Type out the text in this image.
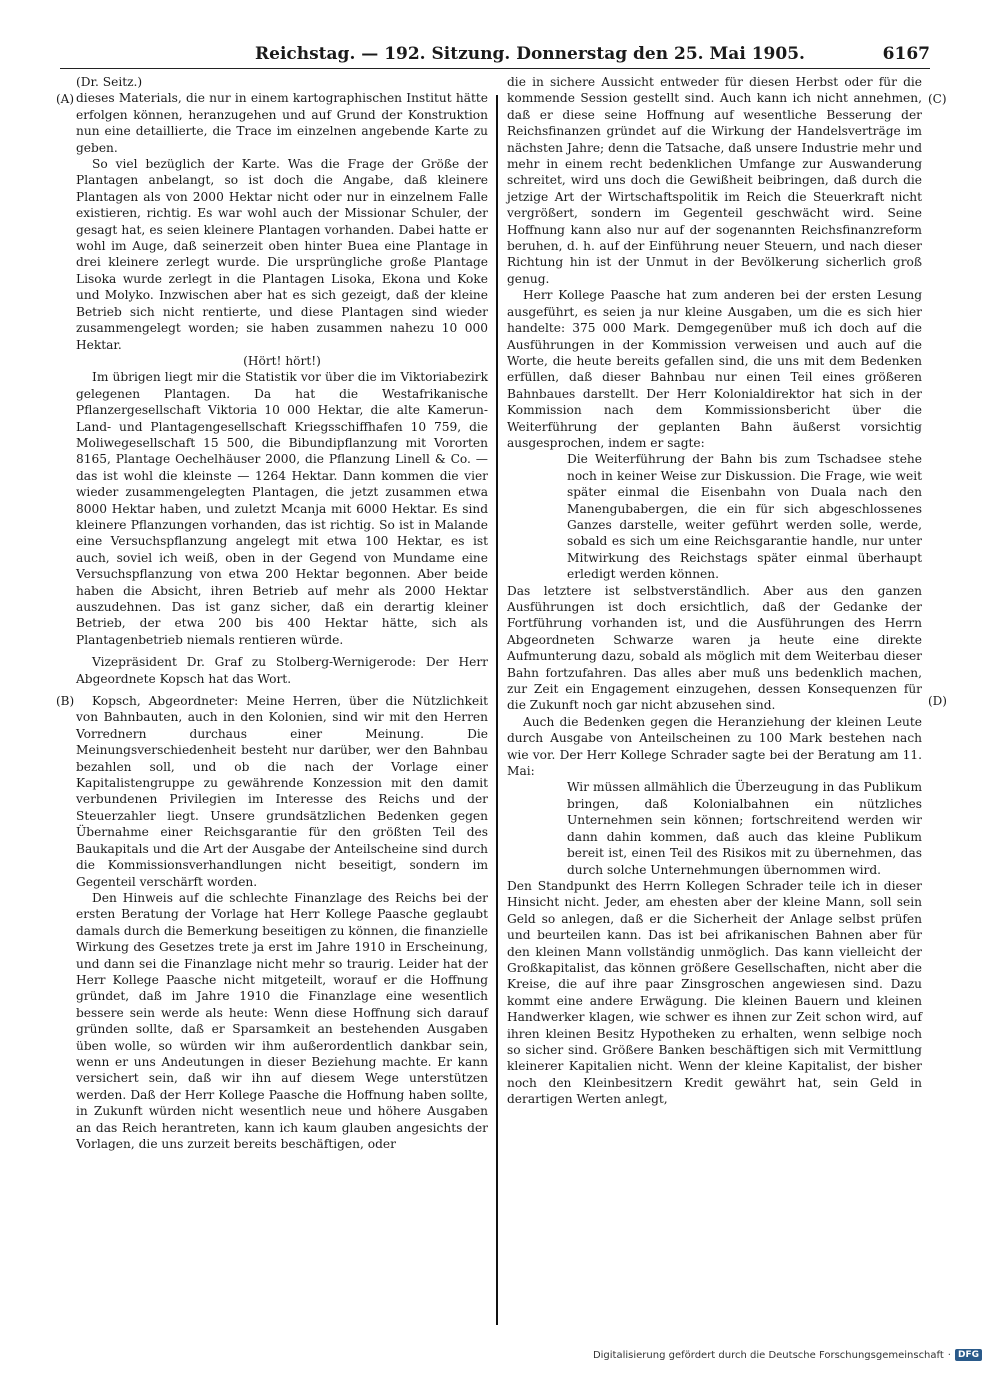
Reichstag. — 192. Sitzung. Donnerstag den 25. Mai 1905.	6167
(A)
(B)
(C)
(D)

(Dr. Seitz.)

dieses Materials, die nur in einem kartographischen Institut hätte erfolgen können, heranzugehen und auf Grund der Konstruktion nun eine detaillierte, die Trace im einzelnen angebende Karte zu geben.

So viel bezüglich der Karte. Was die Frage der Größe der Plantagen anbelangt, so ist doch die Angabe, daß kleinere Plantagen als von 2000 Hektar nicht oder nur in einzelnem Falle existieren, richtig. Es war wohl auch der Missionar Schuler, der gesagt hat, es seien kleinere Plantagen vorhanden. Dabei hatte er wohl im Auge, daß seinerzeit oben hinter Buea eine Plantage in drei kleinere zerlegt wurde. Die ursprüngliche große Plantage Lisoka wurde zerlegt in die Plantagen Lisoka, Ekona und Koke und Molyko. Inzwischen aber hat es sich gezeigt, daß der kleine Betrieb sich nicht rentierte, und diese Plantagen sind wieder zusammengelegt worden; sie haben zusammen nahezu 10 000 Hektar.

(Hört! hört!)

Im übrigen liegt mir die Statistik vor über die im Viktoriabezirk gelegenen Plantagen. Da hat die Westafrikanische Pflanzergesellschaft Viktoria 10 000 Hektar, die alte Kamerun-Land- und Plantagengesellschaft Kriegsschiffhafen 10 759, die Moliwegesellschaft 15 500, die Bibundipflanzung mit Vororten 8165, Plantage Oechelhäuser 2000, die Pflanzung Linell & Co. — das ist wohl die kleinste — 1264 Hektar. Dann kommen die vier wieder zusammengelegten Plantagen, die jetzt zusammen etwa 8000 Hektar haben, und zuletzt Mcanja mit 6000 Hektar. Es sind kleinere Pflanzungen vorhanden, das ist richtig. So ist in Malande eine Versuchspflanzung angelegt mit etwa 100 Hektar, es ist auch, soviel ich weiß, oben in der Gegend von Mundame eine Versuchspflanzung von etwa 200 Hektar begonnen. Aber beide haben die Absicht, ihren Betrieb auf mehr als 2000 Hektar auszudehnen. Das ist ganz sicher, daß ein derartig kleiner Betrieb, der etwa 200 bis 400 Hektar hätte, sich als Plantagenbetrieb niemals rentieren würde.

Vizepräsident Dr. Graf zu Stolberg-Wernigerode: Der Herr Abgeordnete Kopsch hat das Wort.

Kopsch, Abgeordneter: Meine Herren, über die Nützlichkeit von Bahnbauten, auch in den Kolonien, sind wir mit den Herren Vorrednern durchaus einer Meinung. Die Meinungsverschiedenheit besteht nur darüber, wer den Bahnbau bezahlen soll, und ob die nach der Vorlage einer Kapitalistengruppe zu gewährende Konzession mit den damit verbundenen Privilegien im Interesse des Reichs und der Steuerzahler liegt. Unsere grundsätzlichen Bedenken gegen Übernahme einer Reichsgarantie für den größten Teil des Baukapitals und die Art der Ausgabe der Anteilscheine sind durch die Kommissionsverhandlungen nicht beseitigt, sondern im Gegenteil verschärft worden.

Den Hinweis auf die schlechte Finanzlage des Reichs bei der ersten Beratung der Vorlage hat Herr Kollege Paasche geglaubt damals durch die Bemerkung beseitigen zu können, die finanzielle Wirkung des Gesetzes trete ja erst im Jahre 1910 in Erscheinung, und dann sei die Finanzlage nicht mehr so traurig. Leider hat der Herr Kollege Paasche nicht mitgeteilt, worauf er die Hoffnung gründet, daß im Jahre 1910 die Finanzlage eine wesentlich bessere sein werde als heute: Wenn diese Hoffnung sich darauf gründen sollte, daß er Sparsamkeit an bestehenden Ausgaben üben wolle, so würden wir ihm außerordentlich dankbar sein, wenn er uns Andeutungen in dieser Beziehung machte. Er kann versichert sein, daß wir ihn auf diesem Wege unterstützen werden. Daß der Herr Kollege Paasche die Hoffnung haben sollte, in Zukunft würden nicht wesentlich neue und höhere Ausgaben an das Reich herantreten, kann ich kaum glauben angesichts der Vorlagen, die uns zurzeit bereits beschäftigen, oder

die in sichere Aussicht entweder für diesen Herbst oder für die kommende Session gestellt sind. Auch kann ich nicht annehmen, daß er diese seine Hoffnung auf wesentliche Besserung der Reichsfinanzen gründet auf die Wirkung der Handelsverträge im nächsten Jahre; denn die Tatsache, daß unsere Industrie mehr und mehr in einem recht bedenklichen Umfange zur Auswanderung schreitet, wird uns doch die Gewißheit beibringen, daß durch die jetzige Art der Wirtschaftspolitik im Reich die Steuerkraft nicht vergrößert, sondern im Gegenteil geschwächt wird. Seine Hoffnung kann also nur auf der sogenannten Reichsfinanzreform beruhen, d. h. auf der Einführung neuer Steuern, und nach dieser Richtung hin ist der Unmut in der Bevölkerung sicherlich groß genug.

Herr Kollege Paasche hat zum anderen bei der ersten Lesung ausgeführt, es seien ja nur kleine Ausgaben, um die es sich hier handelte: 375 000 Mark. Demgegenüber muß ich doch auf die Ausführungen in der Kommission verweisen und auch auf die Worte, die heute bereits gefallen sind, die uns mit dem Bedenken erfüllen, daß dieser Bahnbau nur einen Teil eines größeren Bahnbaues darstellt. Der Herr Kolonialdirektor hat sich in der Kommission nach dem Kommissionsbericht über die Weiterführung der geplanten Bahn äußerst vorsichtig ausgesprochen, indem er sagte:

Die Weiterführung der Bahn bis zum Tschadsee stehe noch in keiner Weise zur Diskussion. Die Frage, wie weit später einmal die Eisenbahn von Duala nach den Manengubabergen, die ein für sich abgeschlossenes Ganzes darstelle, weiter geführt werden solle, werde, sobald es sich um eine Reichsgarantie handle, nur unter Mitwirkung des Reichstags später einmal überhaupt erledigt werden können.

Das letztere ist selbstverständlich. Aber aus den ganzen Ausführungen ist doch ersichtlich, daß der Gedanke der Fortführung vorhanden ist, und die Ausführungen des Herrn Abgeordneten Schwarze waren ja heute eine direkte Aufmunterung dazu, sobald als möglich mit dem Weiterbau dieser Bahn fortzufahren. Das alles aber muß uns bedenklich machen, zur Zeit ein Engagement einzugehen, dessen Konsequenzen für die Zukunft noch gar nicht abzusehen sind.

Auch die Bedenken gegen die Heranziehung der kleinen Leute durch Ausgabe von Anteilscheinen zu 100 Mark bestehen nach wie vor. Der Herr Kollege Schrader sagte bei der Beratung am 11. Mai:

Wir müssen allmählich die Überzeugung in das Publikum bringen, daß Kolonialbahnen ein nützliches Unternehmen sein können; fortschreitend werden wir dann dahin kommen, daß auch das kleine Publikum bereit ist, einen Teil des Risikos mit zu übernehmen, das durch solche Unternehmungen übernommen wird.

Den Standpunkt des Herrn Kollegen Schrader teile ich in dieser Hinsicht nicht. Jeder, am ehesten aber der kleine Mann, soll sein Geld so anlegen, daß er die Sicherheit der Anlage selbst prüfen und beurteilen kann. Das ist bei afrikanischen Bahnen aber für den kleinen Mann vollständig unmöglich. Das kann vielleicht der Großkapitalist, das können größere Gesellschaften, nicht aber die Kreise, die auf ihre paar Zinsgroschen angewiesen sind. Dazu kommt eine andere Erwägung. Die kleinen Bauern und kleinen Handwerker klagen, wie schwer es ihnen zur Zeit schon wird, auf ihren kleinen Besitz Hypotheken zu erhalten, wenn selbige noch so sicher sind. Größere Banken beschäftigen sich mit Vermittlung kleinerer Kapitalien nicht. Wenn der kleine Kapitalist, der bisher noch den Kleinbesitzern Kredit gewährt hat, sein Geld in derartigen Werten anlegt,

Digitalisierung gefördert durch die Deutsche Forschungsgemeinschaft · DFG
